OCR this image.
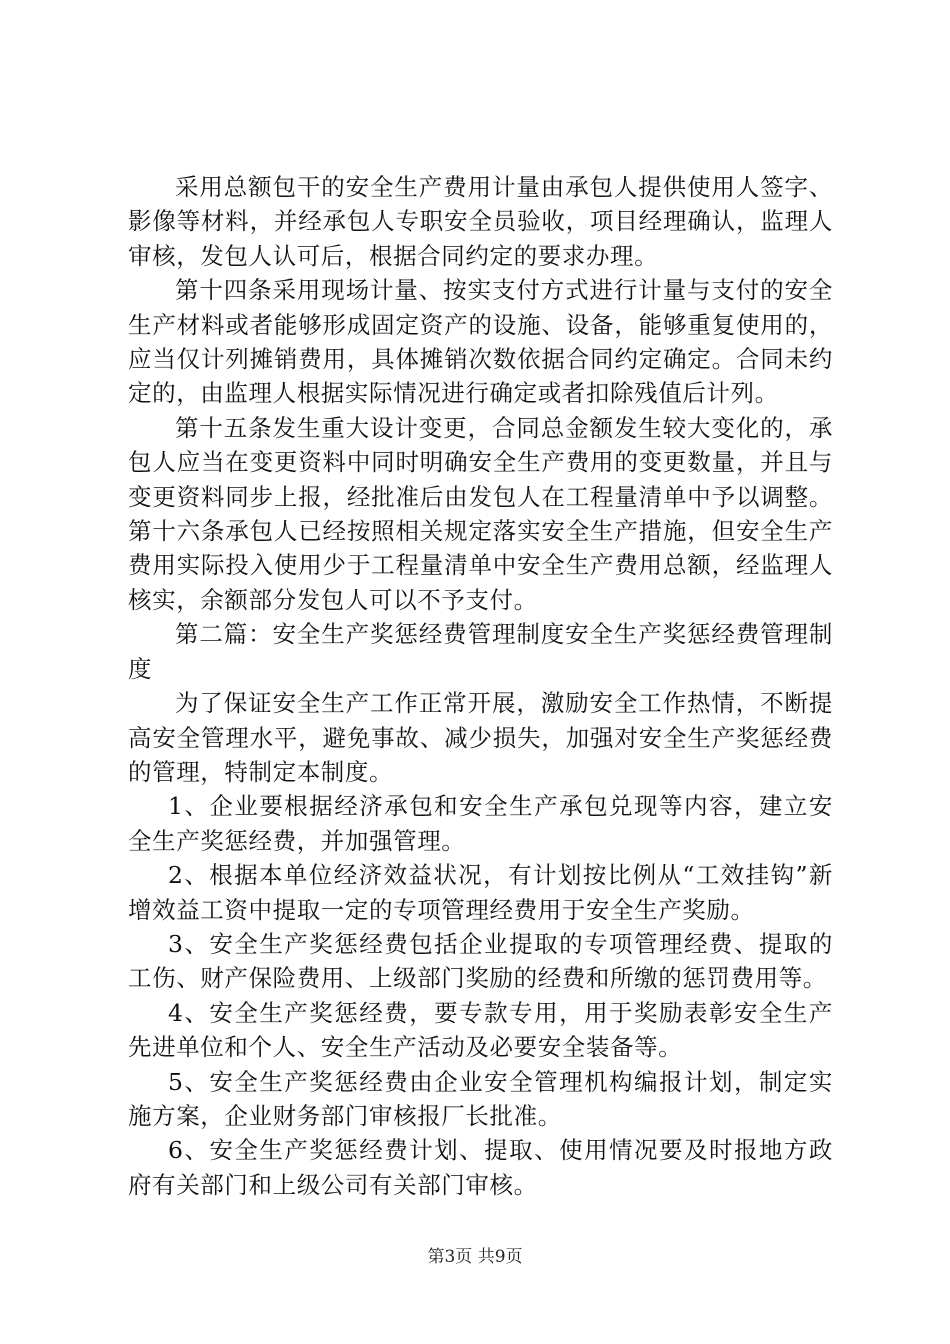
采用总额包干的安全生产费用计量由承包人提供使用人签字、影像等材料，并经承包人专职安全员验收，项目经理确认，监理人审核，发包人认可后，根据合同约定的要求办理。

第十四条采用现场计量、按实支付方式进行计量与支付的安全生产材料或者能够形成固定资产的设施、设备，能够重复使用的，应当仅计列摊销费用，具体摊销次数依据合同约定确定。合同未约定的，由监理人根据实际情况进行确定或者扣除残值后计列。

第十五条发生重大设计变更，合同总金额发生较大变化的，承包人应当在变更资料中同时明确安全生产费用的变更数量，并且与变更资料同步上报，经批准后由发包人在工程量清单中予以调整。第十六条承包人已经按照相关规定落实安全生产措施，但安全生产费用实际投入使用少于工程量清单中安全生产费用总额，经监理人核实，余额部分发包人可以不予支付。

第二篇：安全生产奖惩经费管理制度安全生产奖惩经费管理制度

为了保证安全生产工作正常开展，激励安全工作热情，不断提高安全管理水平，避免事故、减少损失，加强对安全生产奖惩经费的管理，特制定本制度。

1、企业要根据经济承包和安全生产承包兑现等内容，建立安全生产奖惩经费，并加强管理。

2、根据本单位经济效益状况，有计划按比例从“工效挂钩”新增效益工资中提取一定的专项管理经费用于安全生产奖励。

3、安全生产奖惩经费包括企业提取的专项管理经费、提取的工伤、财产保险费用、上级部门奖励的经费和所缴的惩罚费用等。

4、安全生产奖惩经费，要专款专用，用于奖励表彰安全生产先进单位和个人、安全生产活动及必要安全装备等。

5、安全生产奖惩经费由企业安全管理机构编报计划，制定实施方案，企业财务部门审核报厂长批准。

6、安全生产奖惩经费计划、提取、使用情况要及时报地方政府有关部门和上级公司有关部门审核。

第3页 共9页
